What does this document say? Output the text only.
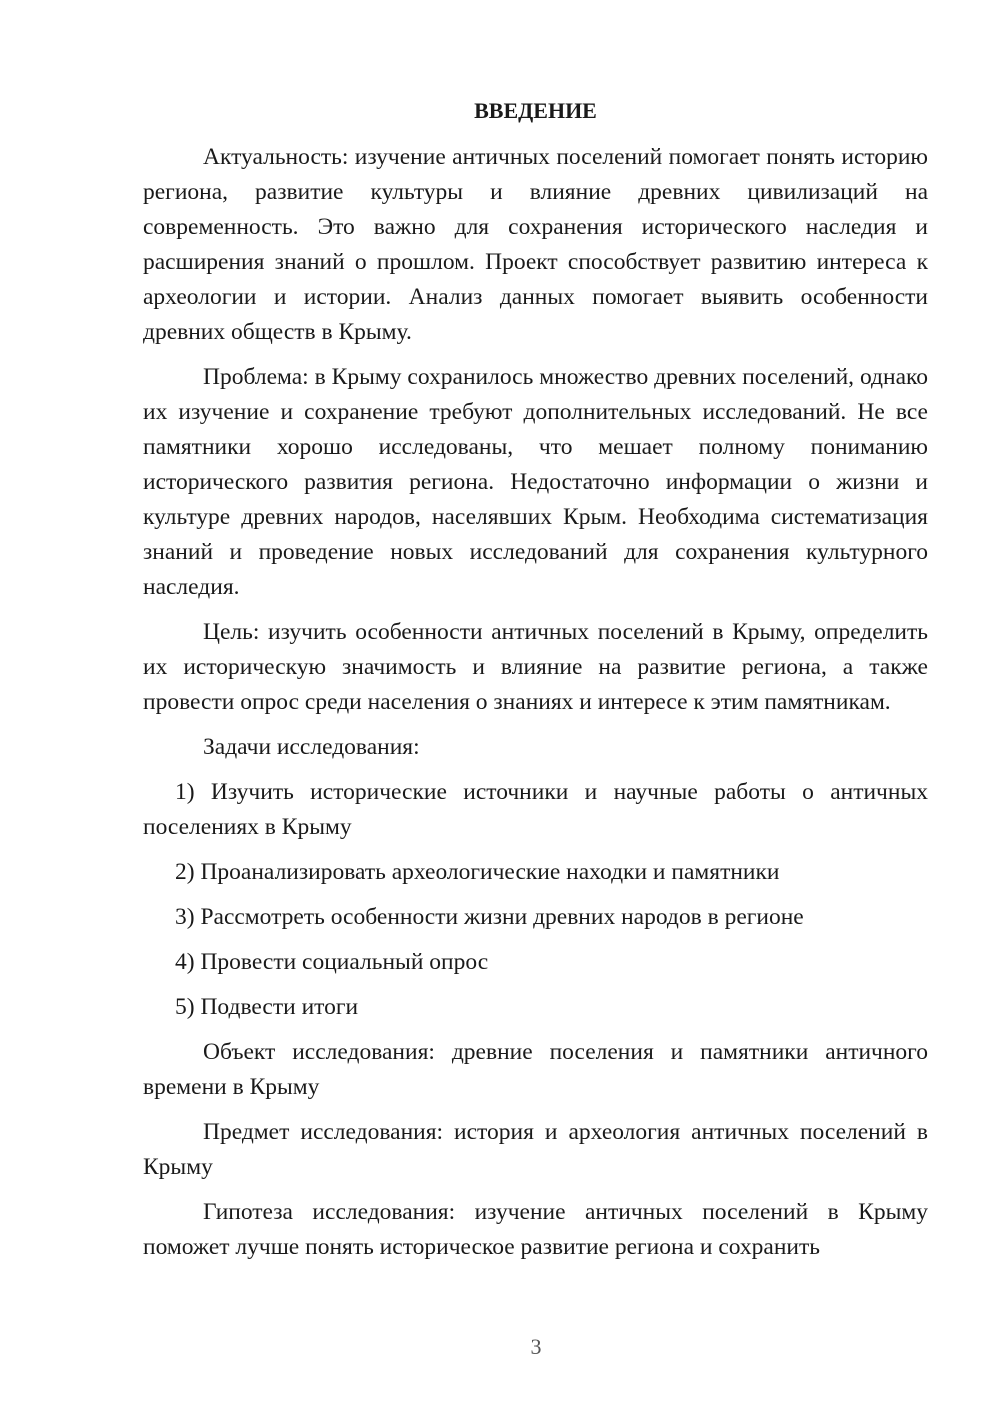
ВВЕДЕНИЕ
Актуальность: изучение античных поселений помогает понять историю региона, развитие культуры и влияние древних цивилизаций на современность. Это важно для сохранения исторического наследия и расширения знаний о прошлом. Проект способствует развитию интереса к археологии и истории. Анализ данных помогает выявить особенности древних обществ в Крыму.
Проблема: в Крыму сохранилось множество древних поселений, однако их изучение и сохранение требуют дополнительных исследований. Не все памятники хорошо исследованы, что мешает полному пониманию исторического развития региона. Недостаточно информации о жизни и культуре древних народов, населявших Крым. Необходима систематизация знаний и проведение новых исследований для сохранения культурного наследия.
Цель: изучить особенности античных поселений в Крыму, определить их историческую значимость и влияние на развитие региона, а также провести опрос среди населения о знаниях и интересе к этим памятникам.
Задачи исследования:
1) Изучить исторические источники и научные работы о античных поселениях в Крыму
2) Проанализировать археологические находки и памятники
3) Рассмотреть особенности жизни древних народов в регионе
4) Провести социальный опрос
5) Подвести итоги
Объект исследования: древние поселения и памятники античного времени в Крыму
Предмет исследования: история и археология античных поселений в Крыму
Гипотеза исследования: изучение античных поселений в Крыму поможет лучше понять историческое развитие региона и сохранить
3
